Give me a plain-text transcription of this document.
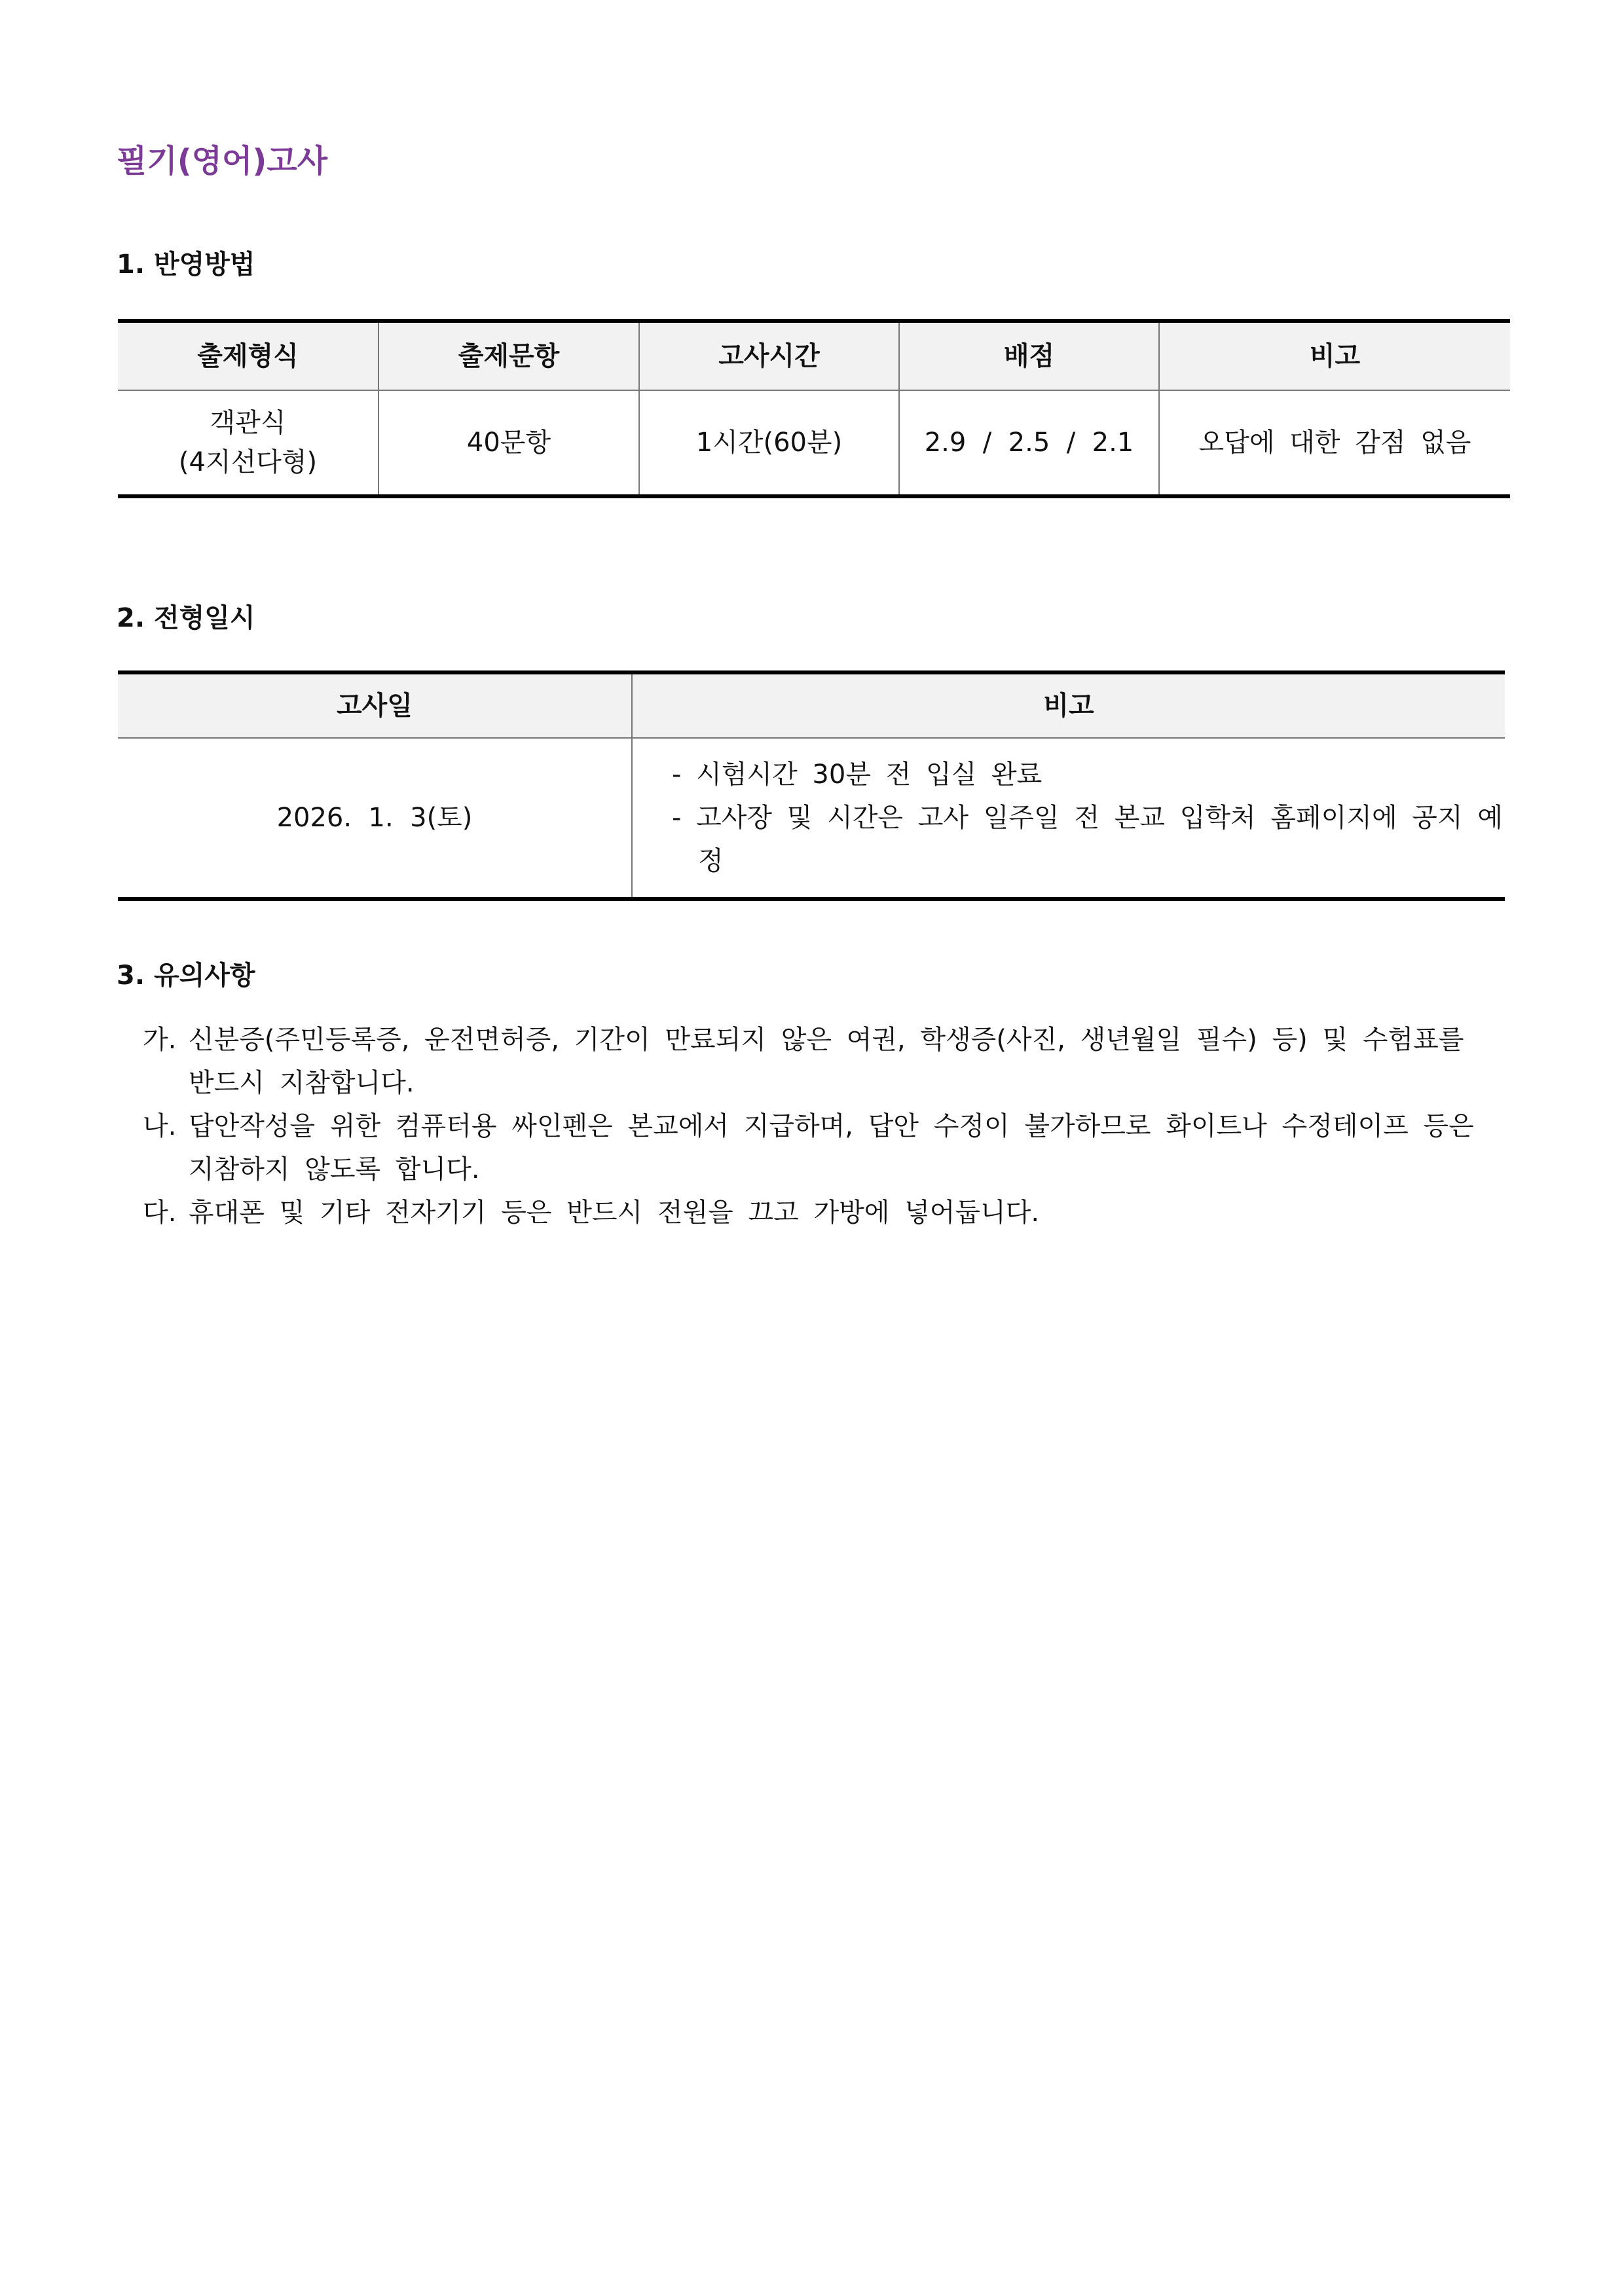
필기(영어)고사
1. 반영방법
출제형식	출제문항	고사시간	배점	비고
객관식
(4지선다형)	40문항	1시간(60분)	2.9  /  2.5  /  2.1	오답에 대한 감점 없음
2. 전형일시
고사일	비고
2026.  1.  3(토)	- 시험시간 30분 전 입실 완료
- 고사장 및 시간은 고사 일주일 전 본교 입학처 홈페이지에 공지 예정
3. 유의사항
가. 신분증(주민등록증, 운전면허증, 기간이 만료되지 않은 여권, 학생증(사진, 생년월일 필수) 등) 및 수험표를 반드시 지참합니다.
나. 답안작성을 위한 컴퓨터용 싸인펜은 본교에서 지급하며, 답안 수정이 불가하므로 화이트나 수정테이프 등은 지참하지 않도록 합니다.
다. 휴대폰 및 기타 전자기기 등은 반드시 전원을 끄고 가방에 넣어둡니다.
